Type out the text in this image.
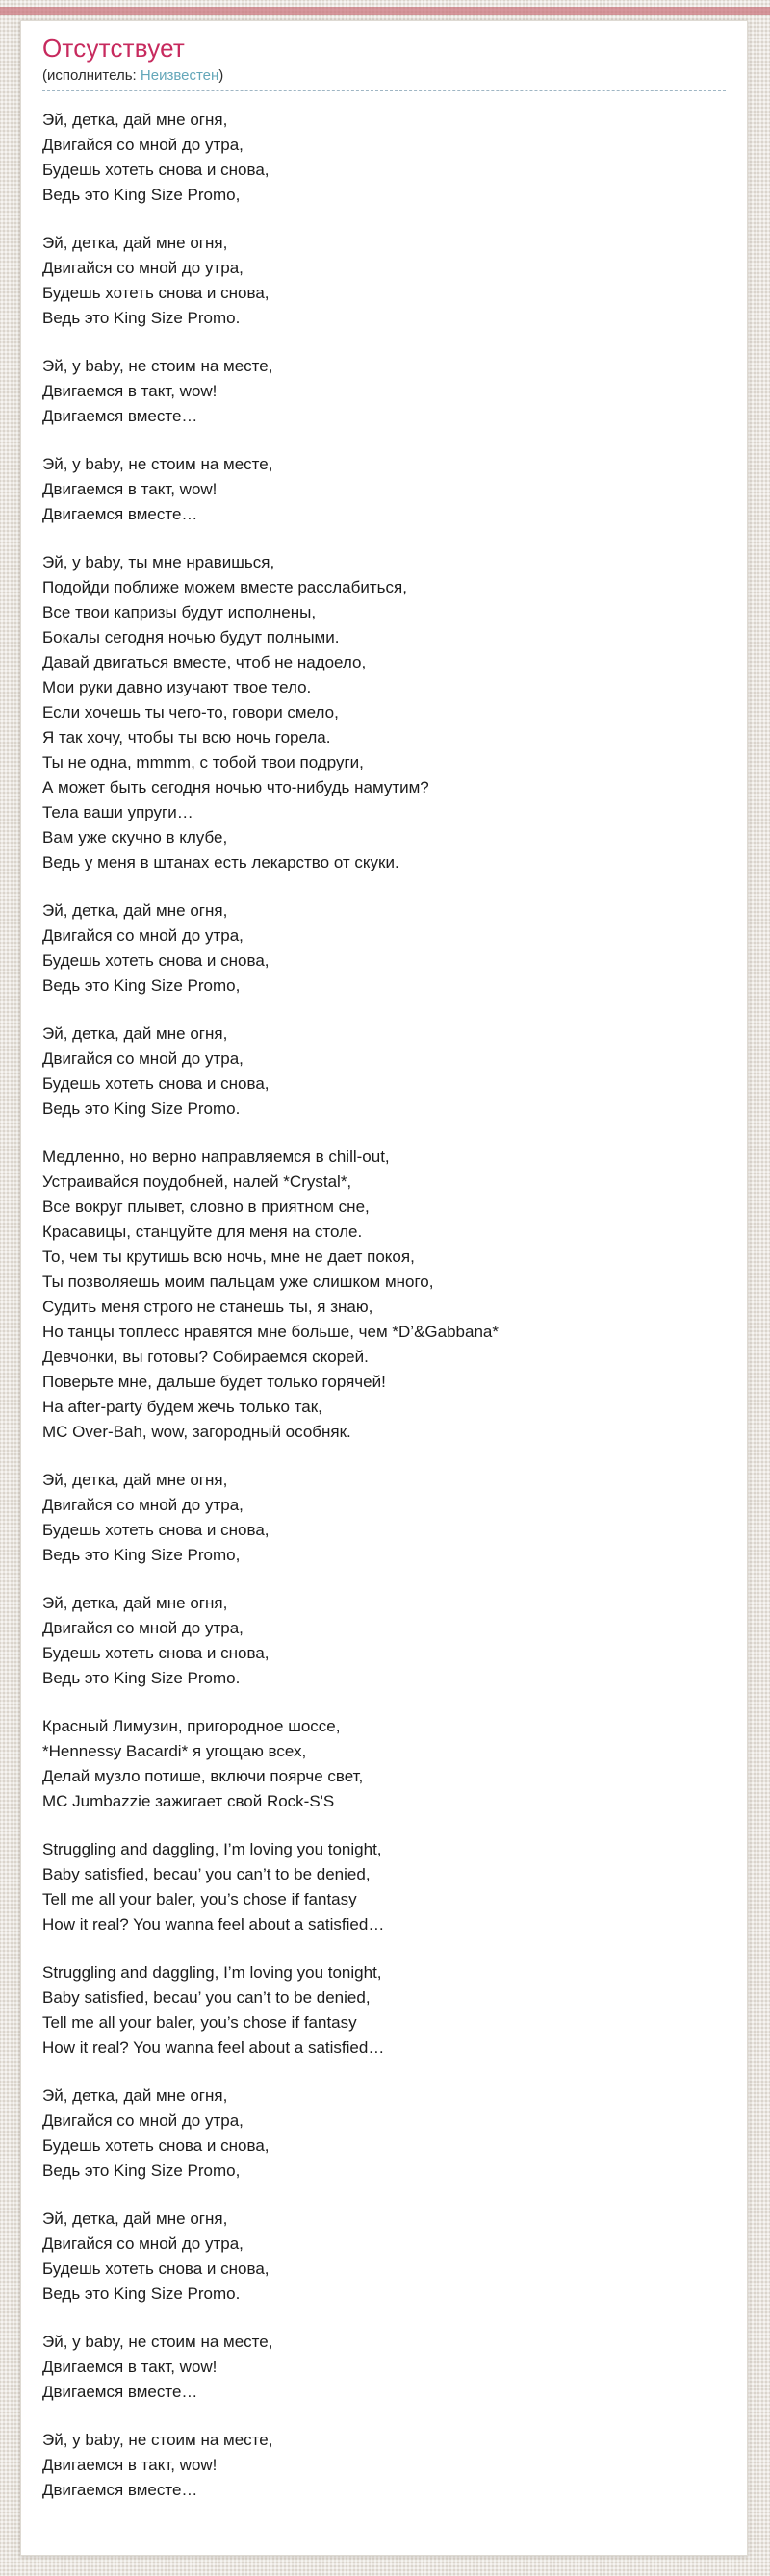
Отсутствует
(исполнитель: Неизвестен)

Эй, детка, дай мне огня,
Двигайся со мной до утра,
Будешь хотеть снова и снова,
Ведь это King Size Promo,

Эй, детка, дай мне огня,
Двигайся со мной до утра,
Будешь хотеть снова и снова,
Ведь это King Size Promo.

Эй, у baby, не стоим на месте,
Двигаемся в такт, wow!
Двигаемся вместе…

Эй, у baby, не стоим на месте,
Двигаемся в такт, wow!
Двигаемся вместе…

Эй, у baby, ты мне нравишься,
Подойди поближе можем вместе расслабиться,
Все твои капризы будут исполнены,
Бокалы сегодня ночью будут полными.
Давай двигаться вместе, чтоб не надоело,
Мои руки давно изучают твое тело.
Если хочешь ты чего-то, говори смело,
Я так хочу, чтобы ты всю ночь горела.
Ты не одна, mmmm, с тобой твои подруги,
А может быть сегодня ночью что-нибудь намутим?
Тела ваши упруги…
Вам уже скучно в клубе,
Ведь у меня в штанах есть лекарство от скуки.

Эй, детка, дай мне огня,
Двигайся со мной до утра,
Будешь хотеть снова и снова,
Ведь это King Size Promo,

Эй, детка, дай мне огня,
Двигайся со мной до утра,
Будешь хотеть снова и снова,
Ведь это King Size Promo.

Медленно, но верно направляемся в chill-out,
Устраивайся поудобней, налей *Crystal*,
Все вокруг плывет, словно в приятном сне,
Красавицы, станцуйте для меня на столе.
То, чем ты крутишь всю ночь, мне не дает покоя,
Ты позволяешь моим пальцам уже слишком много,
Судить меня строго не станешь ты, я знаю,
Но танцы топлесс нравятся мне больше, чем *D’&Gabbana*
Девчонки, вы готовы? Собираемся скорей.
Поверьте мне, дальше будет только горячей!
На after-party будем жечь только так,
MC Over-Bah, wow, загородный особняк.

Эй, детка, дай мне огня,
Двигайся со мной до утра,
Будешь хотеть снова и снова,
Ведь это King Size Promo,

Эй, детка, дай мне огня,
Двигайся со мной до утра,
Будешь хотеть снова и снова,
Ведь это King Size Promo.

Красный Лимузин, пригородное шоссе,
*Hennessy Bacardi* я угощаю всех,
Делай музло потише, включи поярче свет,
MC Jumbazzie зажигает свой Rock-S'S

Struggling and daggling, I’m loving you tonight,
Baby satisfied, becau’ you can’t to be denied,
Tell me all your baler, you’s chose if fantasy
How it real? You wanna feel about a satisfied…

Struggling and daggling, I’m loving you tonight,
Baby satisfied, becau’ you can’t to be denied,
Tell me all your baler, you’s chose if fantasy
How it real? You wanna feel about a satisfied…

Эй, детка, дай мне огня,
Двигайся со мной до утра,
Будешь хотеть снова и снова,
Ведь это King Size Promo,

Эй, детка, дай мне огня,
Двигайся со мной до утра,
Будешь хотеть снова и снова,
Ведь это King Size Promo.

Эй, у baby, не стоим на месте,
Двигаемся в такт, wow!
Двигаемся вместе…

Эй, у baby, не стоим на месте,
Двигаемся в такт, wow!
Двигаемся вместе…
